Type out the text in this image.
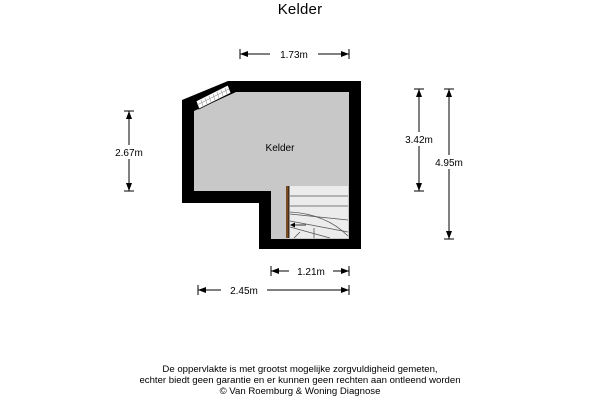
Kelder
Kelder
1.73m
2.67m
3.42m
4.95m
1.21m
2.45m
De oppervlakte is met grootst mogelijke zorgvuldigheid gemeten,
echter biedt geen garantie en er kunnen geen rechten aan ontleend worden
© Van Roemburg & Woning Diagnose
